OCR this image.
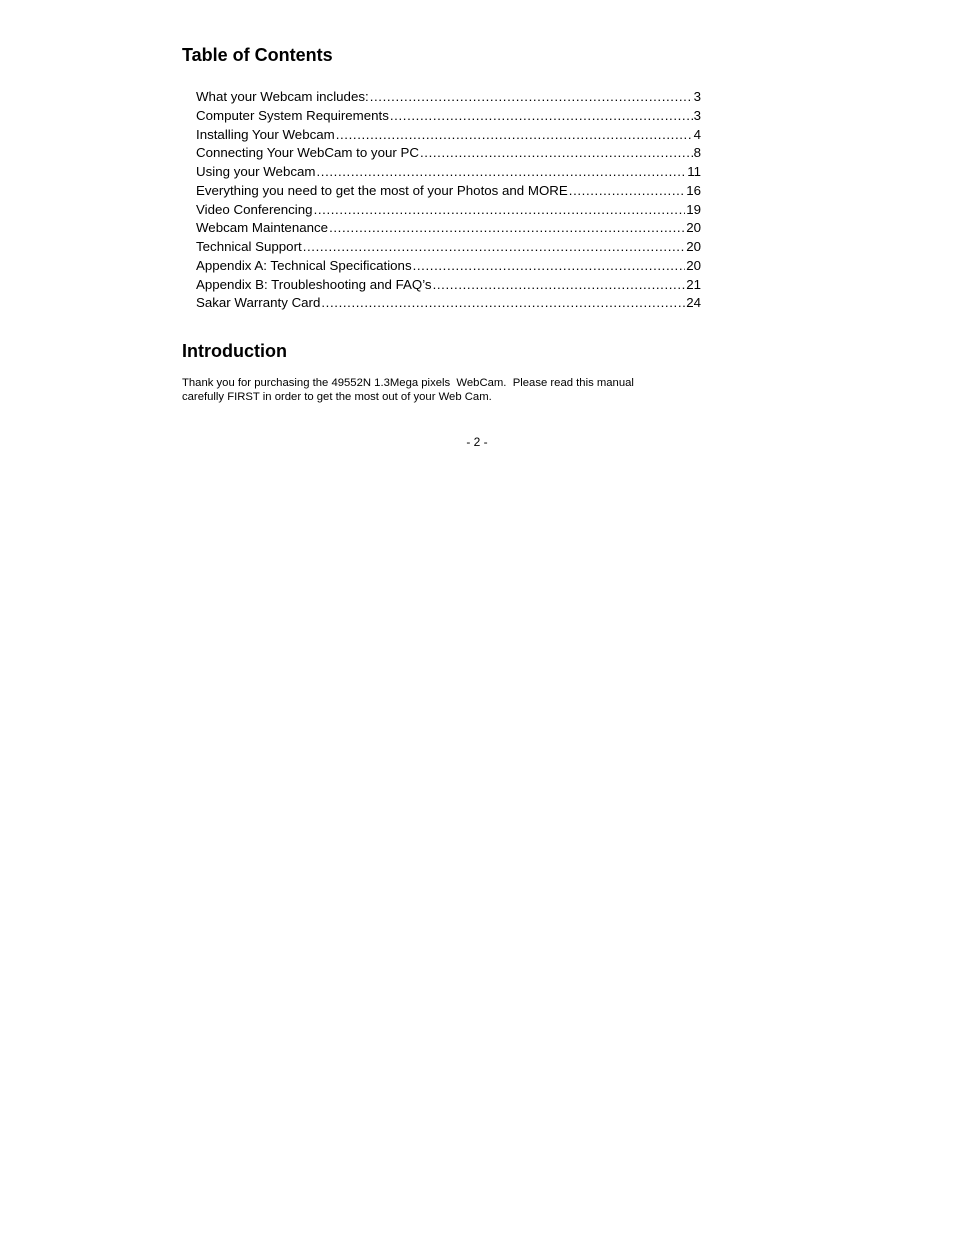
Table of Contents
What your Webcam includes: .....	3
Computer System Requirements .....	3
Installing Your Webcam .....	4
Connecting Your WebCam to your PC .....	8
Using your Webcam .....	11
Everything you need to get the most of your Photos and MORE .....	16
Video Conferencing .....	19
Webcam Maintenance .....	20
Technical Support .....	20
Appendix A: Technical Specifications .....	20
Appendix B: Troubleshooting and FAQ’s .....	21
Sakar Warranty Card .....	24
Introduction

Thank you for purchasing the 49552N 1.3Mega pixels  WebCam.  Please read this manual
carefully FIRST in order to get the most out of your Web Cam.

- 2 -
